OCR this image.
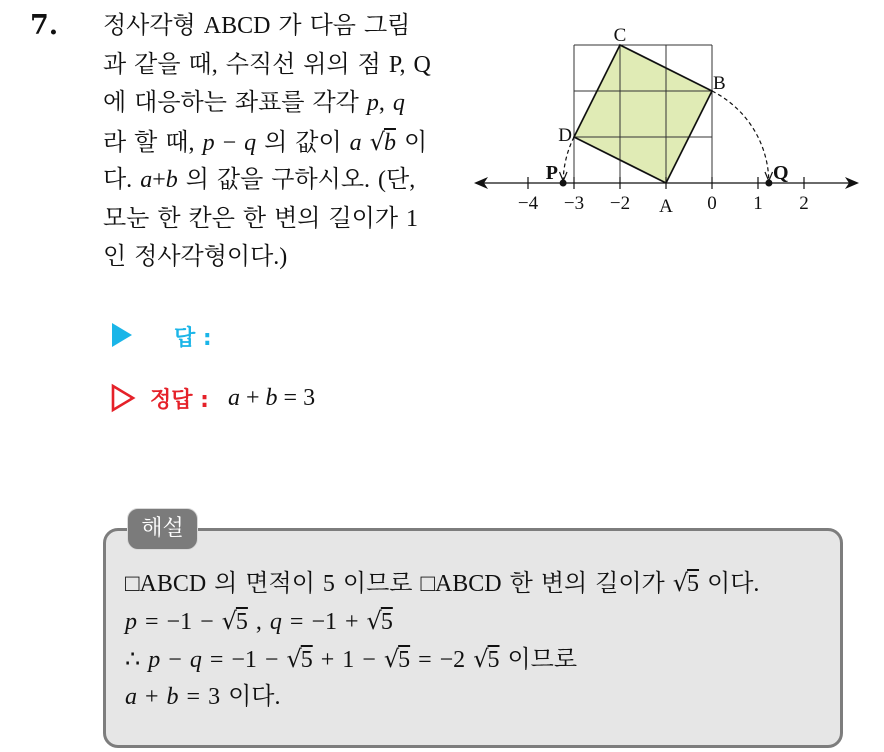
7. 정사각형 ABCD 가 다음 그림
과 같을 때, 수직선 위의 점 P, Q
에 대응하는 좌표를 각각 p, q
라 할 때, p − q 의 값이 a √b 이
다. a+b 의 값을 구하시오. (단,
모눈 한 칸은 한 변의 길이가 1
인 정사각형이다.)
C
B
D
A
P	Q
−4 −3 −2	0 1 2
답 :
정답 : a + b = 3
해설
□ABCD 의 면적이 5 이므로 □ABCD 한 변의 길이가 √5 이다.
p = −1 − √5 , q = −1 + √5
∴ p − q = −1 − √5 + 1 − √5 = −2 √5 이므로
a + b = 3 이다.
